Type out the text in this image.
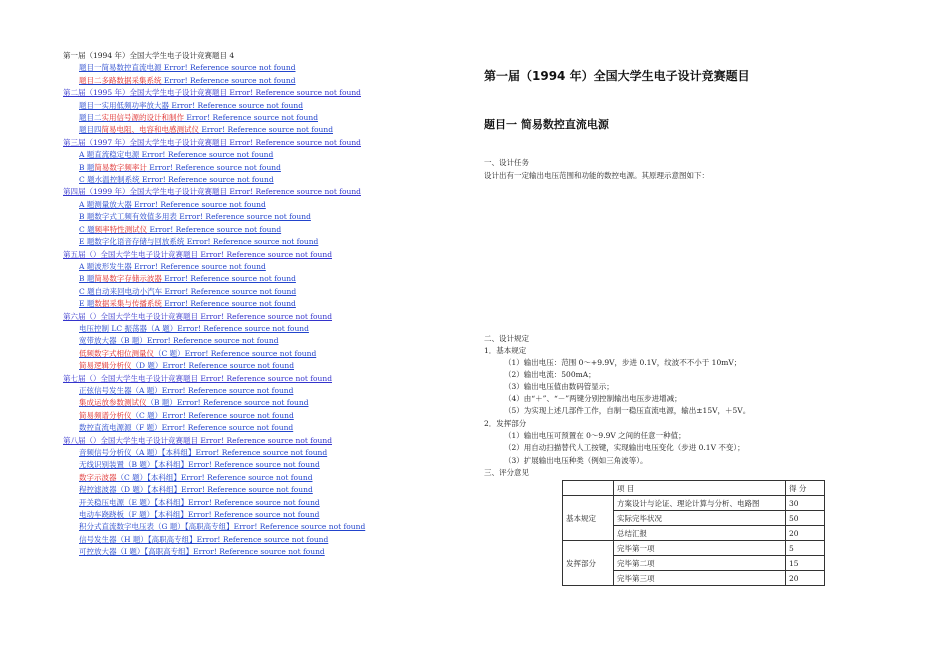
第一届（1994 年）全国大学生电子设计竞赛题目 4
题目一简易数控直流电源 Error! Reference source not found
题目二多路数据采集系统 Error! Reference source not found
第二届（1995 年）全国大学生电子设计竞赛题目 Error! Reference source not found
题目一实用低频功率放大器 Error! Reference source not found
题目二实用信号源的设计和制作 Error! Reference source not found
题目四简易电阻、电容和电感测试仪 Error! Reference source not found
第三届（1997 年）全国大学生电子设计竞赛题目 Error! Reference source not found
A 题直流稳定电源 Error! Reference source not found
B 题简易数字频率计 Error! Reference source not found
C 题水温控制系统 Error! Reference source not found
第四届（1999 年）全国大学生电子设计竞赛题目 Error! Reference source not found
A 题测量放大器 Error! Reference source not found
B 题数字式工频有效值多用表 Error! Reference source not found
C 题频率特性测试仪 Error! Reference source not found
E 题数字化语音存储与回放系统 Error! Reference source not found
第五届（）全国大学生电子设计竞赛题目 Error! Reference source not found
A 题波形发生器 Error! Reference source not found
B 题简易数字存储示波器 Error! Reference source not found
C 题自动来回电动小汽车 Error! Reference source not found
E 题数据采集与传播系统 Error! Reference source not found
第六届（）全国大学生电子设计竞赛题目 Error! Reference source not found
电压控制 LC 振荡器（A 题）Error! Reference source not found
宽带放大器（B 题）Error! Reference source not found
低频数字式相位测量仪（C 题）Error! Reference source not found
简易逻辑分析仪（D 题）Error! Reference source not found
第七届（）全国大学生电子设计竞赛题目 Error! Reference source not found
正弦信号发生器（A 题）Error! Reference source not found
集成运放参数测试仪（B 题）Error! Reference source not found
简易频谱分析仪（C 题）Error! Reference source not found
数控直流电源源（F 题）Error! Reference source not found
第八届（）全国大学生电子设计竞赛题目 Error! Reference source not found
音频信号分析仪（A 题）【本科组】Error! Reference source not found
无线识别装置（B 题）【本科组】Error! Reference source not found
数字示波器（C 题）【本科组】Error! Reference source not found
程控滤波器（D 题）【本科组】Error! Reference source not found
开关稳压电源（E 题）【本科组】Error! Reference source not found
电动车跷跷板（F 题）【本科组】Error! Reference source not found
积分式直流数字电压表（G 题）【高职高专组】Error! Reference source not found
信号发生器（H 题）【高职高专组】Error! Reference source not found
可控放大器（I 题）【高职高专组】Error! Reference source not found
第一届（1994 年）全国大学生电子设计竞赛题目
题目一 简易数控直流电源
一、设计任务
设计出有一定输出电压范围和功能的数控电源。其原理示意图如下：
二、设计规定
1．基本规定
（1）输出电压：范围 0～+9.9V，步进 0.1V，纹波不不小于 10mV；
（2）输出电流：500mA；
（3）输出电压值由数码管显示；
（4）由“＋”、“－”两键分别控制输出电压步进增减；
（5）为实现上述几部件工作，自制一稳压直流电源，输出±15V，＋5V。
2．发挥部分
（1）输出电压可预置在 0～9.9V 之间的任意一种值；
（2）用自动扫描替代人工按键，实现输出电压变化（步进 0.1V 不变）；
（3）扩展输出电压种类（例如三角波等）。
三、评分意见
	项 目	得 分
基本规定	方案设计与论证、理论计算与分析、电路图	30
	实际完毕状况	50
	总结汇报	20
发挥部分	完毕第一项	5
	完毕第二项	15
	完毕第三项	20
